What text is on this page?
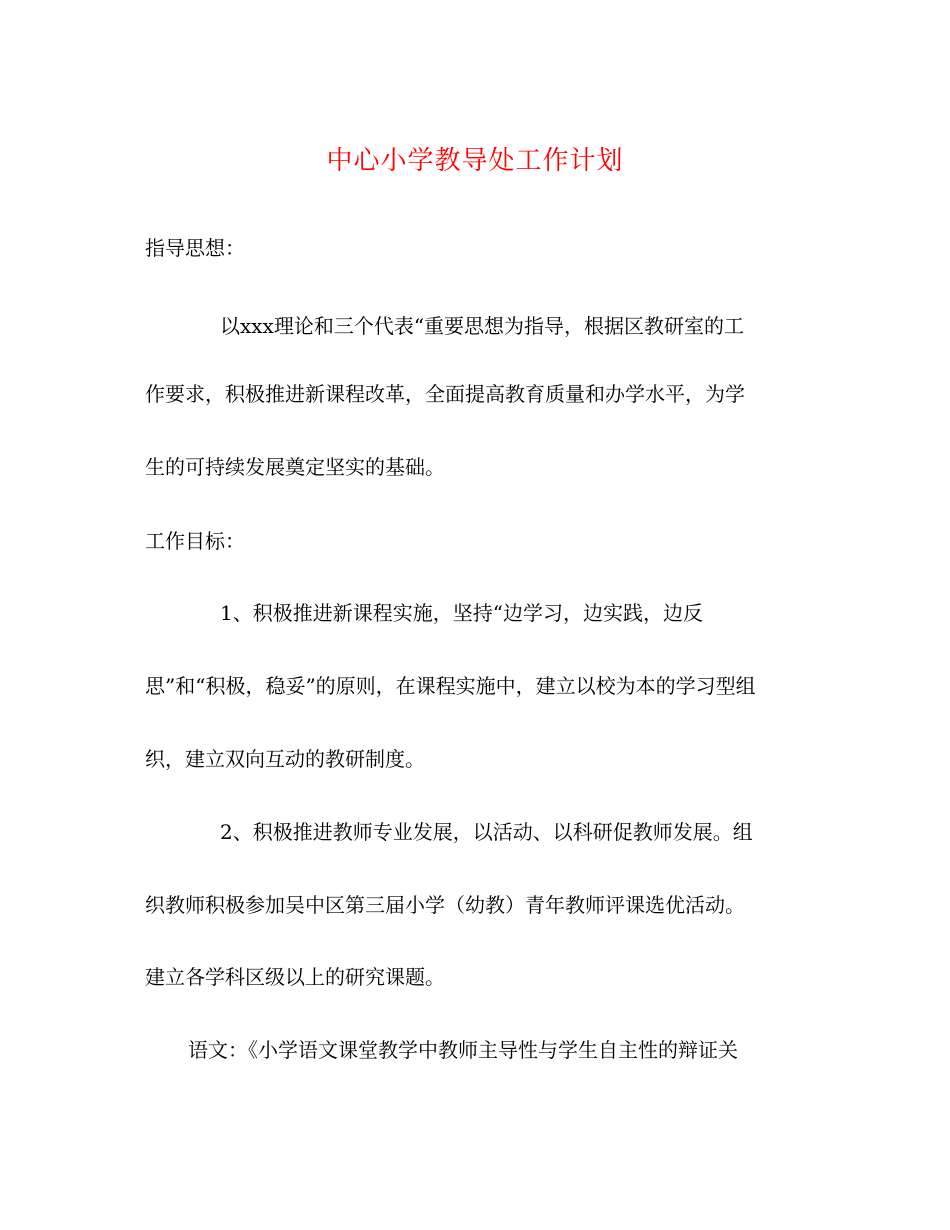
中心小学教导处工作计划
指导思想：
以xxx理论和三个代表“重要思想为指导，根据区教研室的工
作要求，积极推进新课程改革，全面提高教育质量和办学水平，为学
生的可持续发展奠定坚实的基础。
工作目标：
1、积极推进新课程实施，坚持“边学习，边实践，边反
思”和“积极，稳妥”的原则，在课程实施中，建立以校为本的学习型组
织，建立双向互动的教研制度。
2、积极推进教师专业发展，以活动、以科研促教师发展。组
织教师积极参加吴中区第三届小学（幼教）青年教师评课选优活动。
建立各学科区级以上的研究课题。
语文：《小学语文课堂教学中教师主导性与学生自主性的辩证关
